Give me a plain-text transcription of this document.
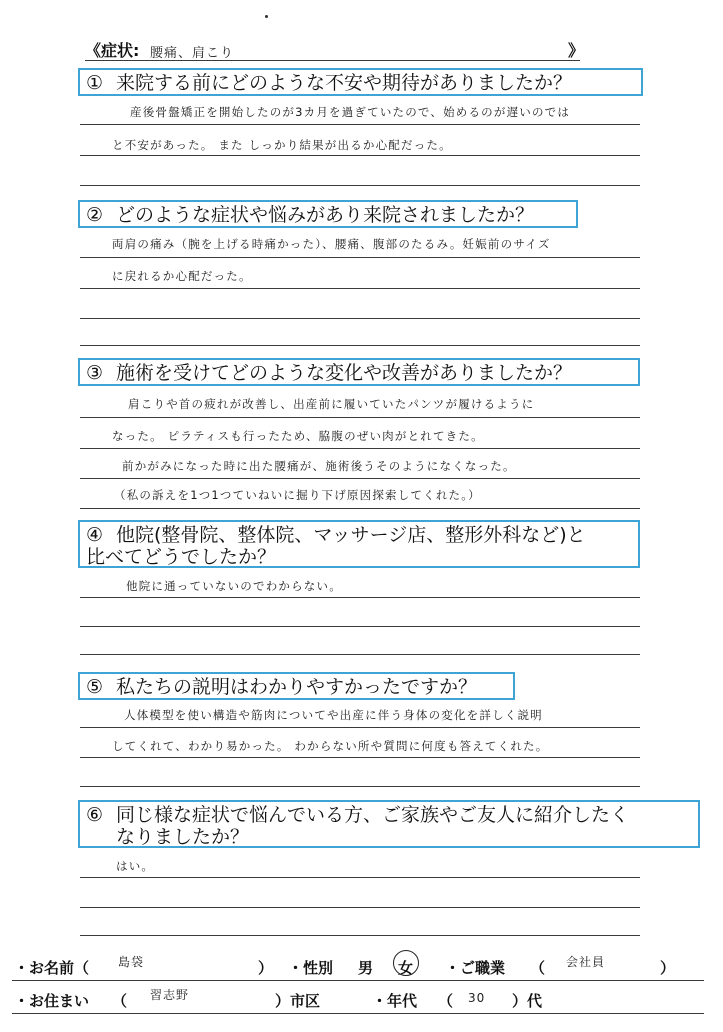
《症状: 腰痛、肩こり	》
① 来院する前にどのような不安や期待がありましたか？
産後骨盤矯正を開始したのが3カ月を過ぎていたので、始めるのが遅いのでは
と不安があった。 また しっかり結果が出るか心配だった。
② どのような症状や悩みがあり来院されましたか？
両肩の痛み（腕を上げる時痛かった）、腰痛、腹部のたるみ。妊娠前のサイズ
に戻れるか心配だった。
③ 施術を受けてどのような変化や改善がありましたか？
肩こりや首の疲れが改善し、出産前に履いていたパンツが履けるように
なった。 ピラティスも行ったため、脇腹のぜい肉がとれてきた。
前かがみになった時に出た腰痛が、施術後うそのようになくなった。
（私の訴えを1つ1つていねいに掘り下げ原因探索してくれた。）
④ 他院(整骨院、整体院、マッサージ店、整形外科など)と
比べてどうでしたか？
他院に通っていないのでわからない。
⑤ 私たちの説明はわかりやすかったですか？
人体模型を使い構造や筋肉についてや出産に伴う身体の変化を詳しく説明
してくれて、わかり易かった。 わからない所や質問に何度も答えてくれた。
⑥ 同じ様な症状で悩んでいる方、ご家族やご友人に紹介したく
なりましたか？
はい。
・お名前（ 島袋	） ・性別 男 女 ・ご職業 （ 会社員	）
・お住まい （ 習志野	）市区	・年代 （ 30 ）代
